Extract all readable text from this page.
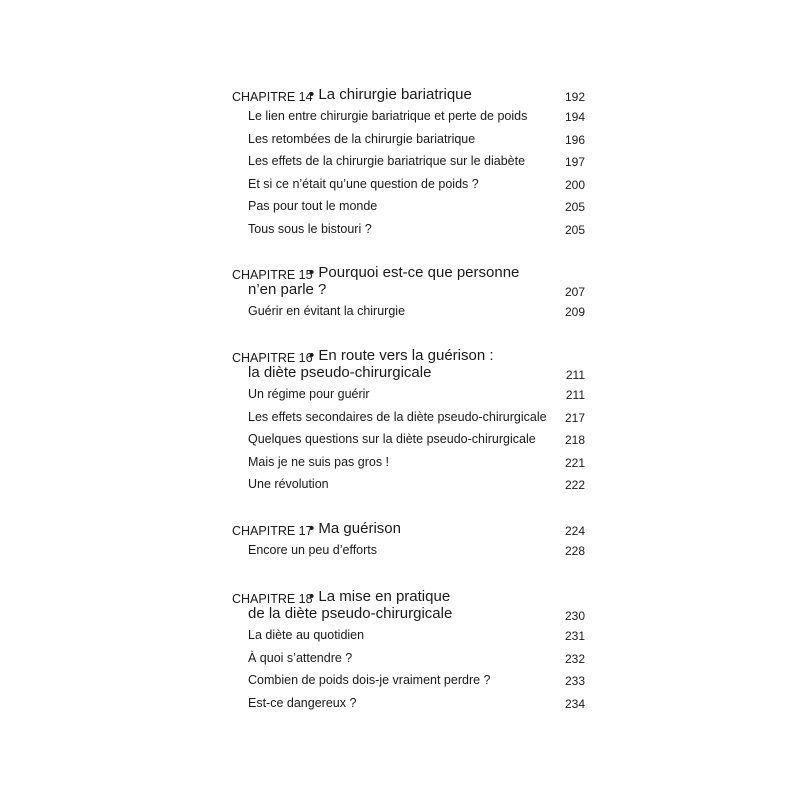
CHAPITRE 14
• La chirurgie bariatrique	192
Le lien entre chirurgie bariatrique et perte de poids	194
Les retombées de la chirurgie bariatrique	196
Les effets de la chirurgie bariatrique sur le diabète	197
Et si ce n’était qu’une question de poids ?	200
Pas pour tout le monde	205
Tous sous le bistouri ?	205
CHAPITRE 15
• Pourquoi est-ce que personne
n’en parle ?	207
Guérir en évitant la chirurgie	209
CHAPITRE 16
• En route vers la guérison :
la diète pseudo-chirurgicale	211
Un régime pour guérir	211
Les effets secondaires de la diète pseudo-chirurgicale 217
Quelques questions sur la diète pseudo-chirurgicale 218
Mais je ne suis pas gros !	221
Une révolution	222
CHAPITRE 17
• Ma guérison	224
Encore un peu d’efforts	228
CHAPITRE 18
• La mise en pratique
de la diète pseudo-chirurgicale	230
La diète au quotidien	231
À quoi s’attendre ?	232
Combien de poids dois-je vraiment perdre ?	233
Est-ce dangereux ?	234
